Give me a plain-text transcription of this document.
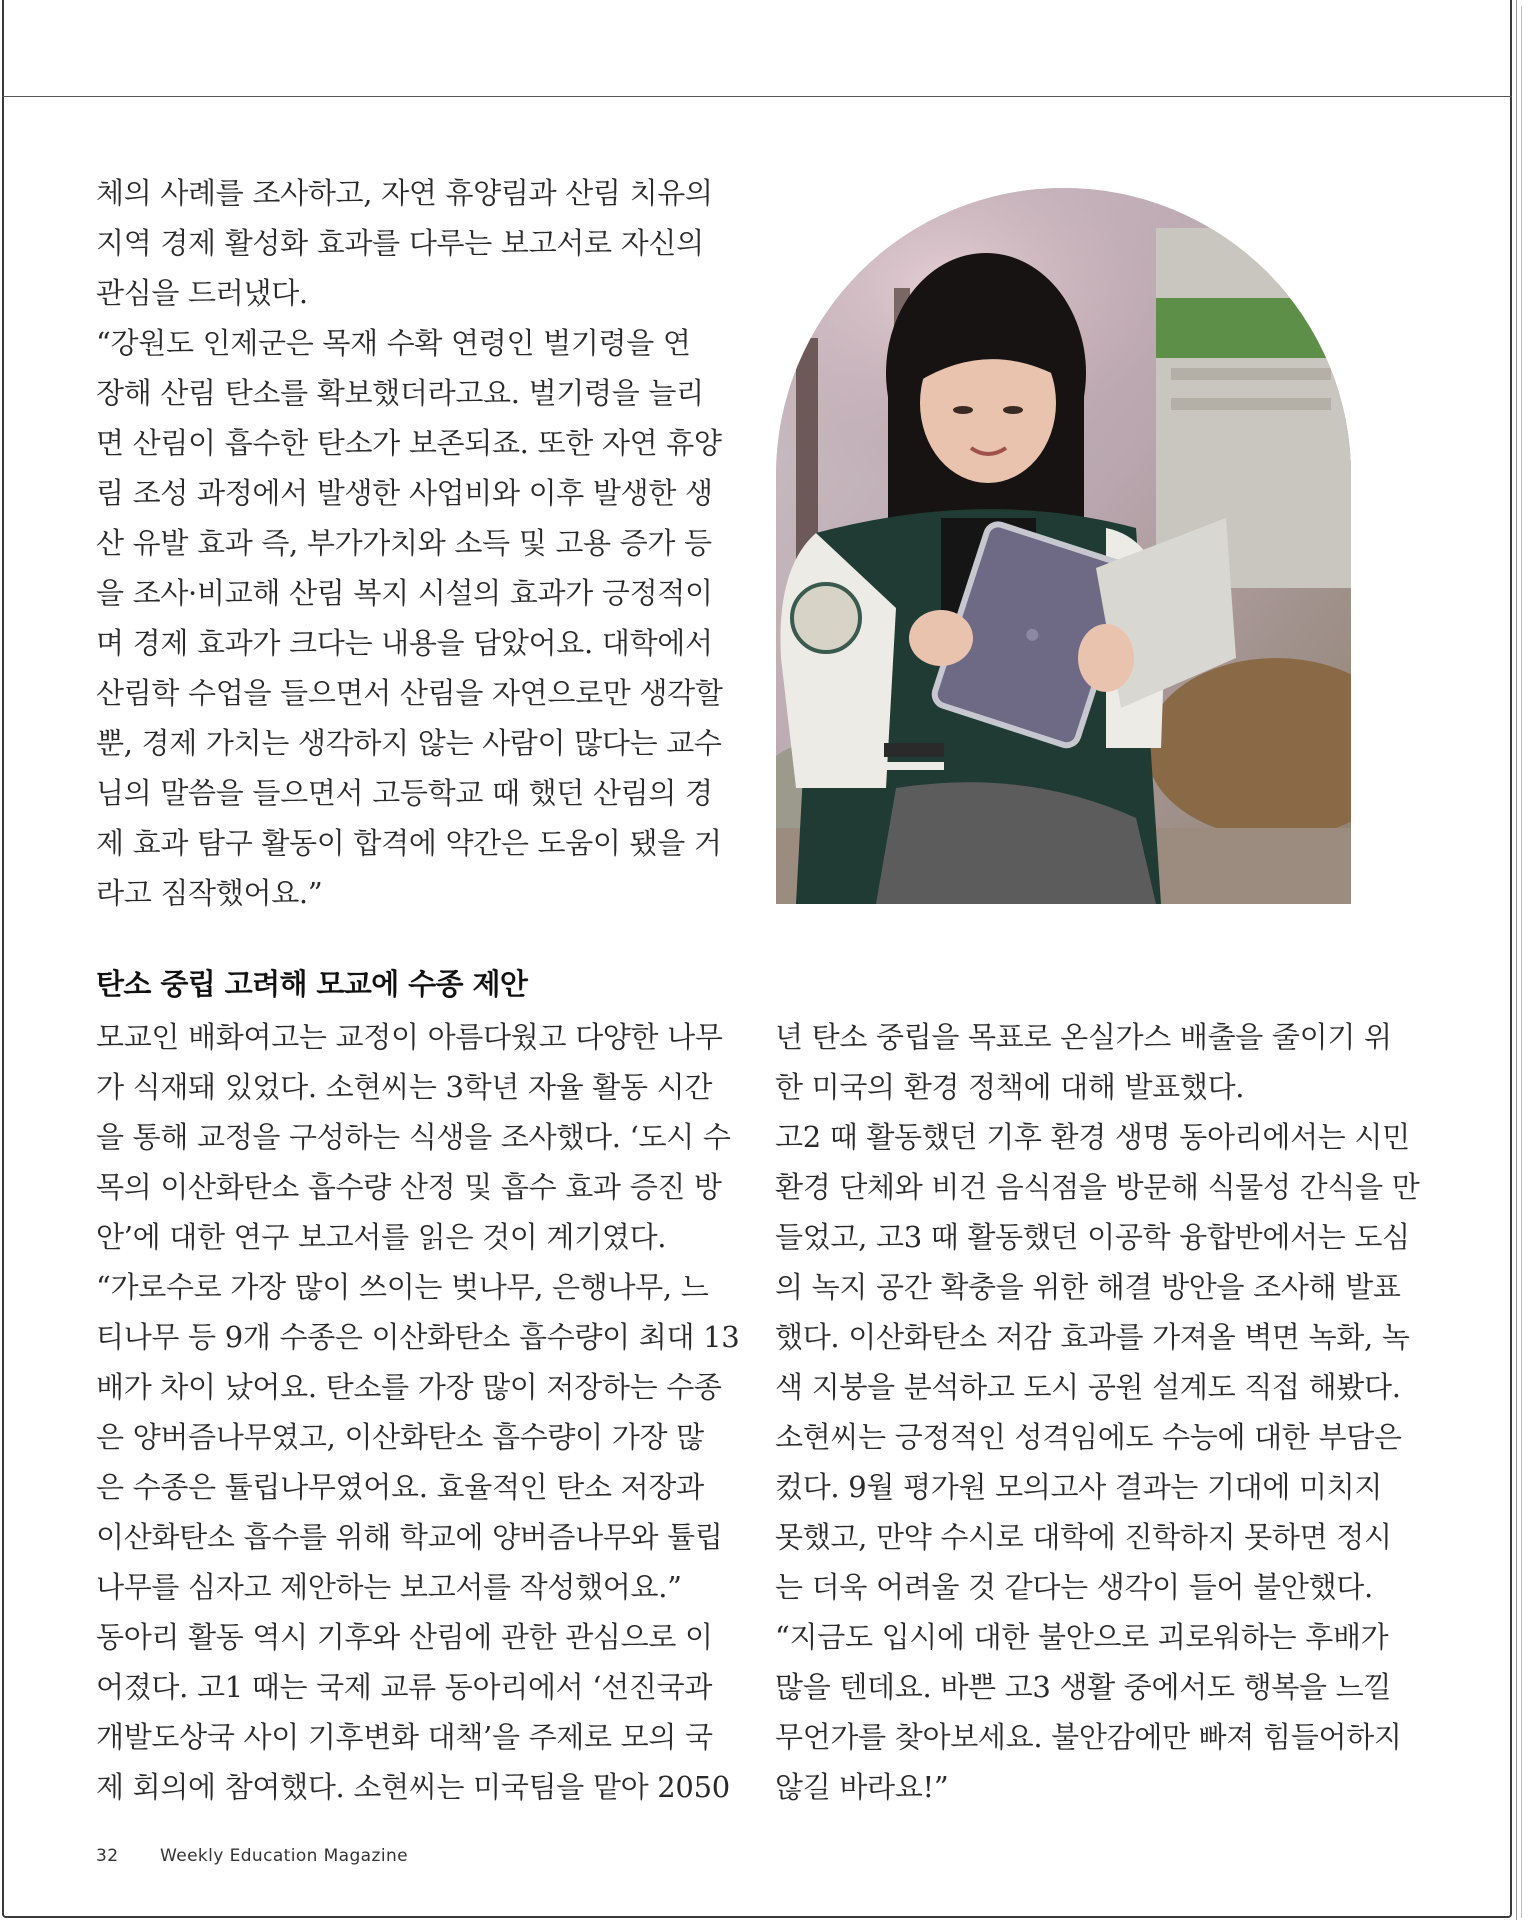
체의 사례를 조사하고, 자연 휴양림과 산림 치유의

지역 경제 활성화 효과를 다루는 보고서로 자신의

관심을 드러냈다.

“강원도 인제군은 목재 수확 연령인 벌기령을 연

장해 산림 탄소를 확보했더라고요. 벌기령을 늘리

면 산림이 흡수한 탄소가 보존되죠. 또한 자연 휴양

림 조성 과정에서 발생한 사업비와 이후 발생한 생

산 유발 효과 즉, 부가가치와 소득 및 고용 증가 등

을 조사·비교해 산림 복지 시설의 효과가 긍정적이

며 경제 효과가 크다는 내용을 담았어요. 대학에서

산림학 수업을 들으면서 산림을 자연으로만 생각할

뿐, 경제 가치는 생각하지 않는 사람이 많다는 교수

님의 말씀을 들으면서 고등학교 때 했던 산림의 경

제 효과 탐구 활동이 합격에 약간은 도움이 됐을 거

라고 짐작했어요.”

탄소 중립 고려해 모교에 수종 제안

모교인 배화여고는 교정이 아름다웠고 다양한 나무

가 식재돼 있었다. 소현씨는 3학년 자율 활동 시간

을 통해 교정을 구성하는 식생을 조사했다. ‘도시 수

목의 이산화탄소 흡수량 산정 및 흡수 효과 증진 방

안’에 대한 연구 보고서를 읽은 것이 계기였다.

“가로수로 가장 많이 쓰이는 벚나무, 은행나무, 느

티나무 등 9개 수종은 이산화탄소 흡수량이 최대 13

배가 차이 났어요. 탄소를 가장 많이 저장하는 수종

은 양버즘나무였고, 이산화탄소 흡수량이 가장 많

은 수종은 튤립나무였어요. 효율적인 탄소 저장과

이산화탄소 흡수를 위해 학교에 양버즘나무와 튤립

나무를 심자고 제안하는 보고서를 작성했어요.”

동아리 활동 역시 기후와 산림에 관한 관심으로 이

어졌다. 고1 때는 국제 교류 동아리에서 ‘선진국과

개발도상국 사이 기후변화 대책’을 주제로 모의 국

제 회의에 참여했다. 소현씨는 미국팀을 맡아 2050

년 탄소 중립을 목표로 온실가스 배출을 줄이기 위

한 미국의 환경 정책에 대해 발표했다.

고2 때 활동했던 기후 환경 생명 동아리에서는 시민

환경 단체와 비건 음식점을 방문해 식물성 간식을 만

들었고, 고3 때 활동했던 이공학 융합반에서는 도심

의 녹지 공간 확충을 위한 해결 방안을 조사해 발표

했다. 이산화탄소 저감 효과를 가져올 벽면 녹화, 녹

색 지붕을 분석하고 도시 공원 설계도 직접 해봤다.

소현씨는 긍정적인 성격임에도 수능에 대한 부담은

컸다. 9월 평가원 모의고사 결과는 기대에 미치지

못했고, 만약 수시로 대학에 진학하지 못하면 정시

는 더욱 어려울 것 같다는 생각이 들어 불안했다.

“지금도 입시에 대한 불안으로 괴로워하는 후배가

많을 텐데요. 바쁜 고3 생활 중에서도 행복을 느낄

무언가를 찾아보세요. 불안감에만 빠져 힘들어하지

않길 바라요!”

32 Weekly Education Magazine
